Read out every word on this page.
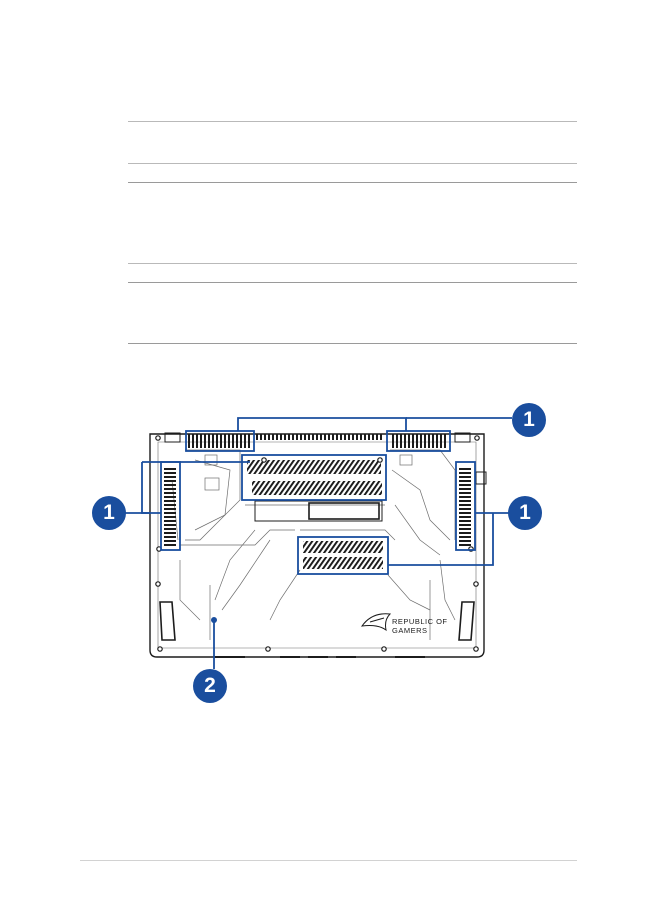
REPUBLIC OF
GAMERS
1
1	1
2
